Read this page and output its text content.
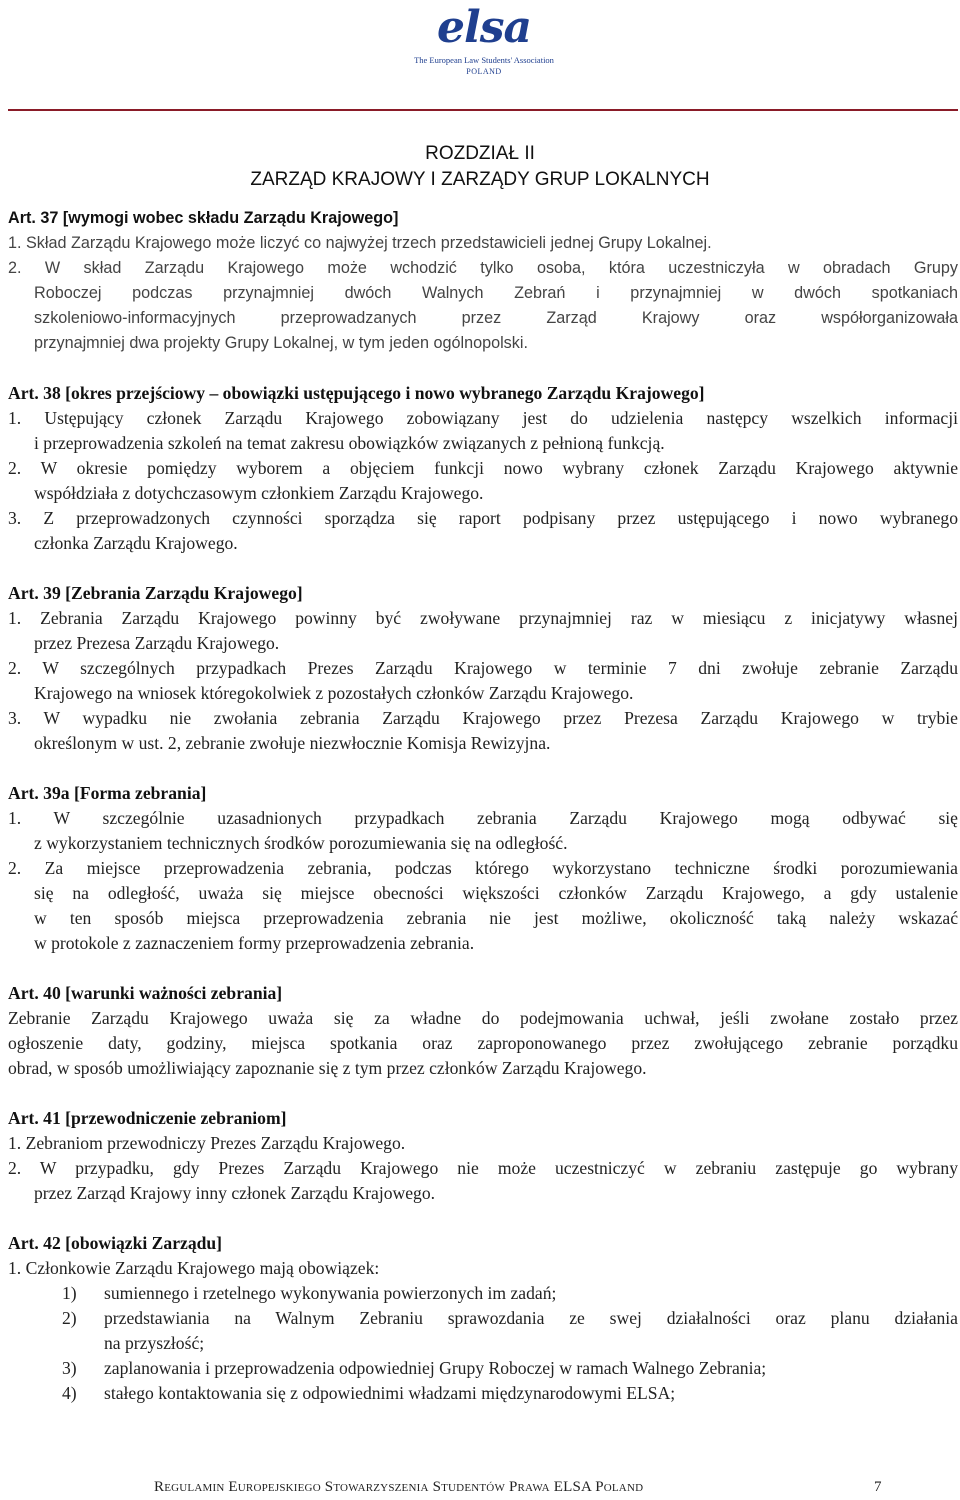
elsa
The European Law Students' Association
POLAND
ROZDZIAŁ II
ZARZĄD KRAJOWY I ZARZĄDY GRUP LOKALNYCH
Art. 37 [wymogi wobec składu Zarządu Krajowego]
1. Skład Zarządu Krajowego może liczyć co najwyżej trzech przedstawicieli jednej Grupy Lokalnej.
2. W skład Zarządu Krajowego może wchodzić tylko osoba, która uczestniczyła w obradach Grupy
Roboczej podczas przynajmniej dwóch Walnych Zebrań i przynajmniej w dwóch spotkaniach
szkoleniowo-informacyjnych przeprowadzanych przez Zarząd Krajowy oraz współorganizowała
przynajmniej dwa projekty Grupy Lokalnej, w tym jeden ogólnopolski.
Art. 38 [okres przejściowy – obowiązki ustępującego i nowo wybranego Zarządu Krajowego]
1. Ustępujący członek Zarządu Krajowego zobowiązany jest do udzielenia następcy wszelkich informacji
i przeprowadzenia szkoleń na temat zakresu obowiązków związanych z pełnioną funkcją.
2. W okresie pomiędzy wyborem a objęciem funkcji nowo wybrany członek Zarządu Krajowego aktywnie
współdziała z dotychczasowym członkiem Zarządu Krajowego.
3. Z przeprowadzonych czynności sporządza się raport podpisany przez ustępującego i nowo wybranego
członka Zarządu Krajowego.
Art. 39 [Zebrania Zarządu Krajowego]
1. Zebrania Zarządu Krajowego powinny być zwoływane przynajmniej raz w miesiącu z inicjatywy własnej
przez Prezesa Zarządu Krajowego.
2. W szczególnych przypadkach Prezes Zarządu Krajowego w terminie 7 dni zwołuje zebranie Zarządu
Krajowego na wniosek któregokolwiek z pozostałych członków Zarządu Krajowego.
3. W wypadku nie zwołania zebrania Zarządu Krajowego przez Prezesa Zarządu Krajowego w trybie
określonym w ust. 2, zebranie zwołuje niezwłocznie Komisja Rewizyjna.
Art. 39a [Forma zebrania]
1. W szczególnie uzasadnionych przypadkach zebrania Zarządu Krajowego mogą odbywać się
z wykorzystaniem technicznych środków porozumiewania się na odległość.
2. Za miejsce przeprowadzenia zebrania, podczas którego wykorzystano techniczne środki porozumiewania
się na odległość, uważa się miejsce obecności większości członków Zarządu Krajowego, a gdy ustalenie
w ten sposób miejsca przeprowadzenia zebrania nie jest możliwe, okoliczność taką należy wskazać
w protokole z zaznaczeniem formy przeprowadzenia zebrania.
Art. 40 [warunki ważności zebrania]
Zebranie Zarządu Krajowego uważa się za władne do podejmowania uchwał, jeśli zwołane zostało przez
ogłoszenie daty, godziny, miejsca spotkania oraz zaproponowanego przez zwołującego zebranie porządku
obrad, w sposób umożliwiający zapoznanie się z tym przez członków Zarządu Krajowego.
Art. 41 [przewodniczenie zebraniom]
1. Zebraniom przewodniczy Prezes Zarządu Krajowego.
2. W przypadku, gdy Prezes Zarządu Krajowego nie może uczestniczyć w zebraniu zastępuje go wybrany
przez Zarząd Krajowy inny członek Zarządu Krajowego.
Art. 42 [obowiązki Zarządu]
1. Członkowie Zarządu Krajowego mają obowiązek:
1)	sumiennego i rzetelnego wykonywania powierzonych im zadań;
2)	przedstawiania na Walnym Zebraniu sprawozdania ze swej działalności oraz planu działania
na przyszłość;
3)	zaplanowania i przeprowadzenia odpowiedniej Grupy Roboczej w ramach Walnego Zebrania;
4)	stałego kontaktowania się z odpowiednimi władzami międzynarodowymi ELSA;
Regulamin Europejskiego Stowarzyszenia Studentów Prawa ELSA Poland	7
